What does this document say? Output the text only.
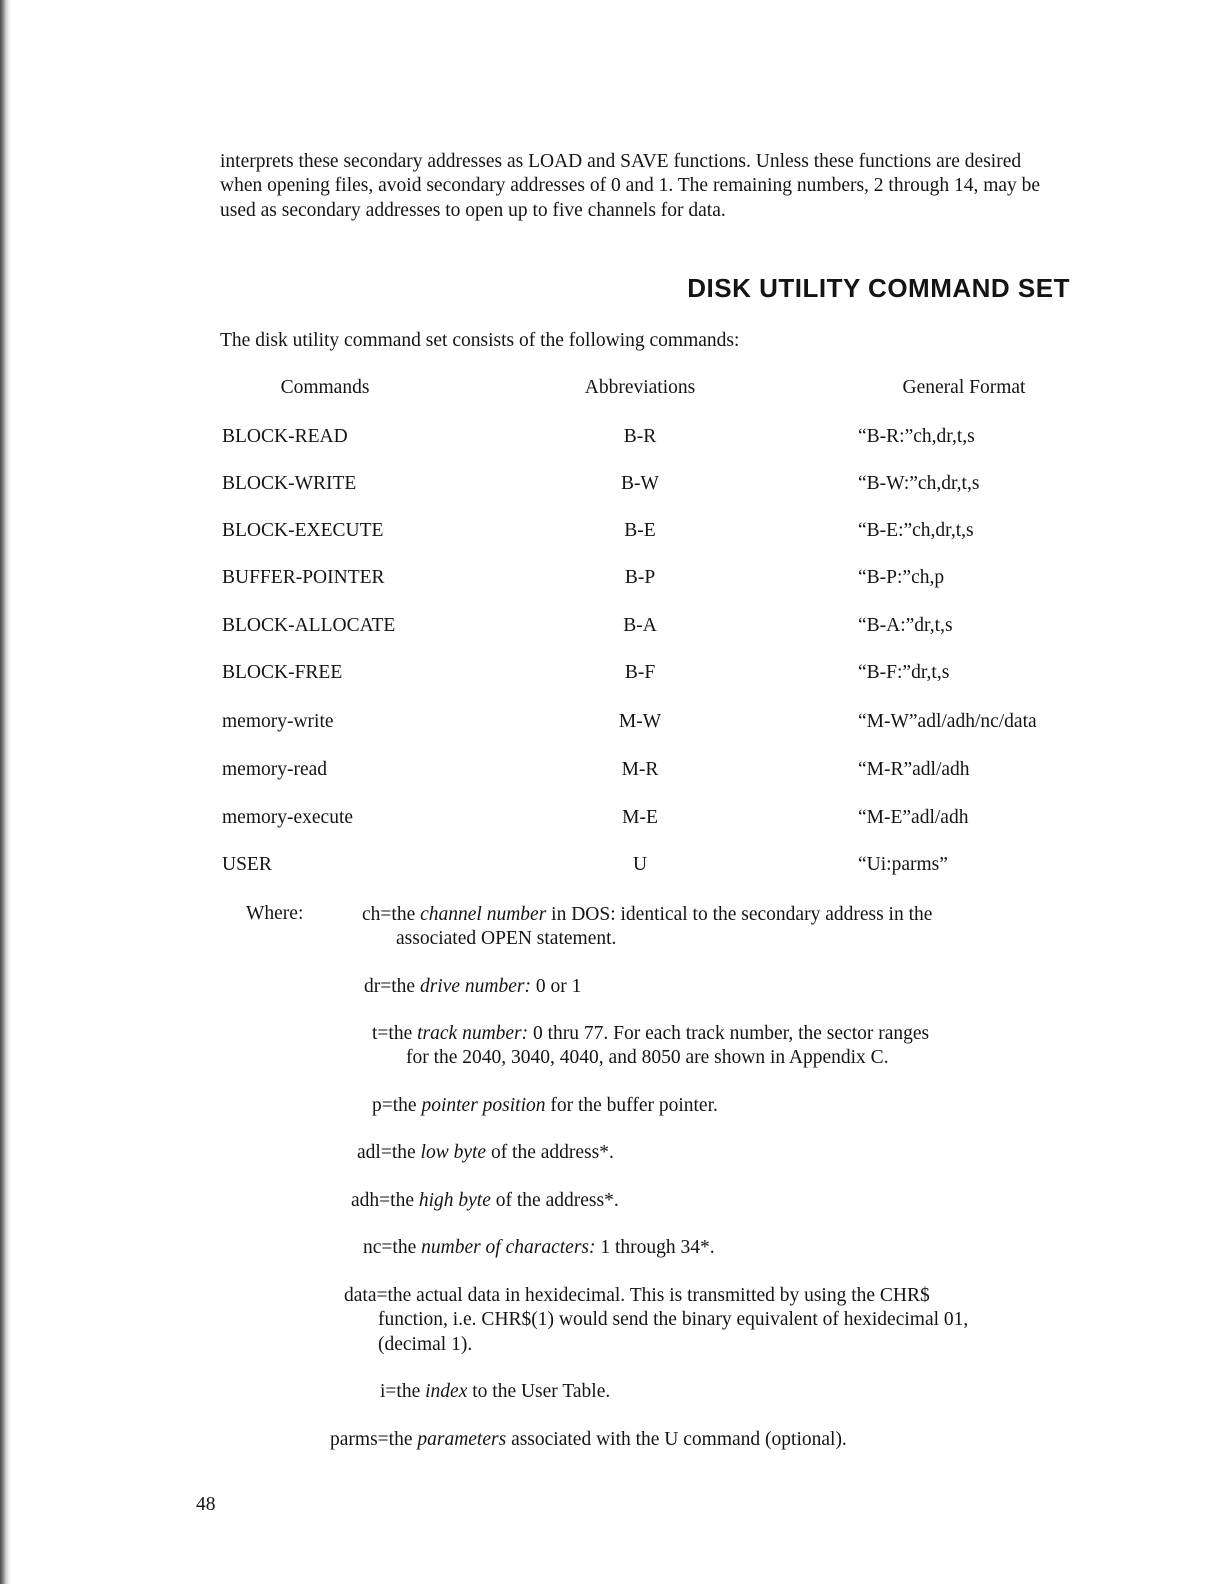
interprets these secondary addresses as LOAD and SAVE functions. Unless these functions are desired when opening files, avoid secondary addresses of 0 and 1. The remaining numbers, 2 through 14, may be used as secondary addresses to open up to five channels for data.

DISK UTILITY COMMAND SET

The disk utility command set consists of the following commands:

Commands	Abbreviations	General Format
BLOCK-READ	B-R	“B-R:”ch,dr,t,s
BLOCK-WRITE	B-W	“B-W:”ch,dr,t,s
BLOCK-EXECUTE	B-E	“B-E:”ch,dr,t,s
BUFFER-POINTER	B-P	“B-P:”ch,p
BLOCK-ALLOCATE	B-A	“B-A:”dr,t,s
BLOCK-FREE	B-F	“B-F:”dr,t,s
memory-write	M-W	“M-W”adl/adh/nc/data
memory-read	M-R	“M-R”adl/adh
memory-execute	M-E	“M-E”adl/adh
USER	U	“Ui:parms”
Where:	ch=the channel number in DOS: identical to the secondary address in the
associated OPEN statement.

dr=the drive number: 0 or 1

t=the track number: 0 thru 77. For each track number, the sector ranges
for the 2040, 3040, 4040, and 8050 are shown in Appendix C.

p=the pointer position for the buffer pointer.

adl=the low byte of the address*.

adh=the high byte of the address*.

nc=the number of characters: 1 through 34*.

data=the actual data in hexidecimal. This is transmitted by using the CHR$
function, i.e. CHR$(1) would send the binary equivalent of hexidecimal 01, (decimal 1).

i=the index to the User Table.

parms=the parameters associated with the U command (optional).

48
